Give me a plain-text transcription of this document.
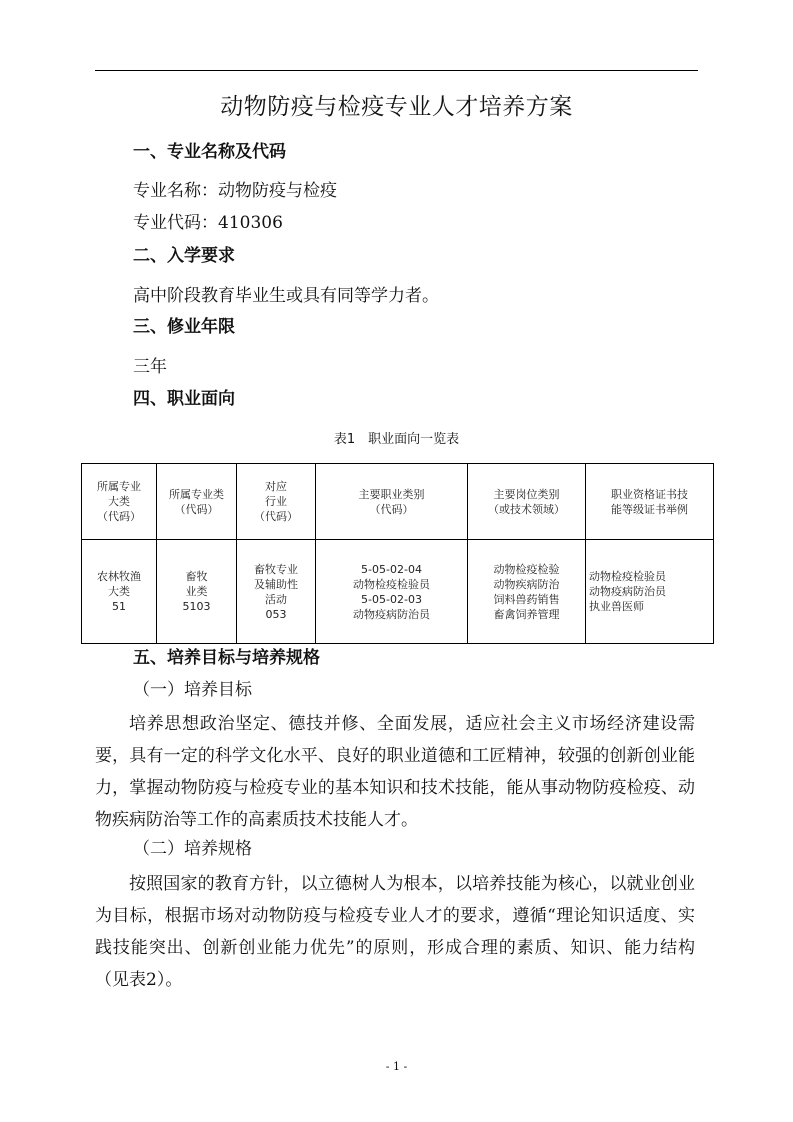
动物防疫与检疫专业人才培养方案
一、专业名称及代码
专业名称：动物防疫与检疫
专业代码：410306
二、入学要求
高中阶段教育毕业生或具有同等学力者。
三、修业年限
三年
四、职业面向
表1　职业面向一览表
所属专业
大类
（代码）	所属专业类
（代码）	对应
行业
（代码）	主要职业类别
（代码）	主要岗位类别
（或技术领域）	职业资格证书技
能等级证书举例
农林牧渔
大类
51	畜牧
业类
5103	畜牧专业
及辅助性
活动
053	5-05-02-04
动物检疫检验员
5-05-02-03
动物疫病防治员	动物检疫检验
动物疾病防治
饲料兽药销售
畜禽饲养管理	动物检疫检验员
动物疫病防治员
执业兽医师
五、培养目标与培养规格
（一）培养目标
培养思想政治坚定、德技并修、全面发展，适应社会主义市场经济建设需要，具有一定的科学文化水平、良好的职业道德和工匠精神，较强的创新创业能力，掌握动物防疫与检疫专业的基本知识和技术技能，能从事动物防疫检疫、动物疾病防治等工作的高素质技术技能人才。
（二）培养规格
按照国家的教育方针，以立德树人为根本，以培养技能为核心，以就业创业为目标，根据市场对动物防疫与检疫专业人才的要求，遵循“理论知识适度、实践技能突出、创新创业能力优先”的原则，形成合理的素质、知识、能力结构（见表2）。
- 1 -
